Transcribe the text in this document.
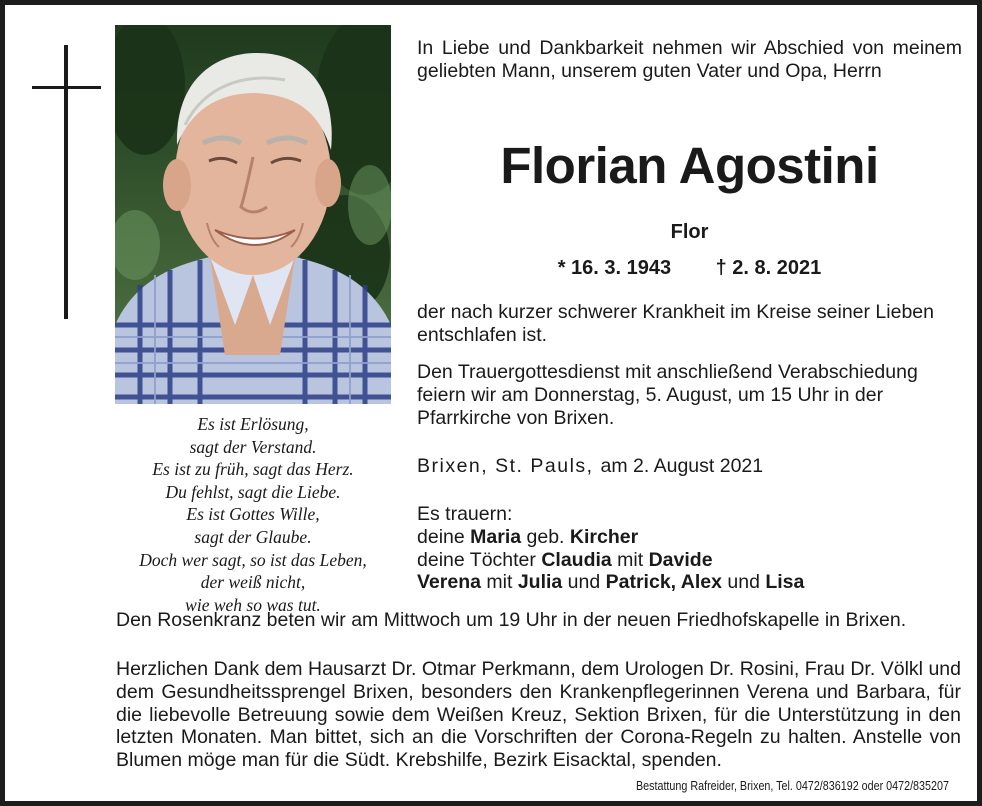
Es ist Erlösung,
sagt der Verstand.
Es ist zu früh, sagt das Herz.
Du fehlst, sagt die Liebe.
Es ist Gottes Wille,
sagt der Glaube.
Doch wer sagt, so ist das Leben,
der weiß nicht,
wie weh so was tut.
In Liebe und Dankbarkeit nehmen wir Abschied von meinem geliebten Mann, unserem guten Vater und Opa, Herrn
Florian Agostini
Flor
* 16. 3. 1943 † 2. 8. 2021
der nach kurzer schwerer Krankheit im Kreise seiner Lieben entschlafen ist.
Den Trauergottesdienst mit anschließend Verabschiedung feiern wir am Donnerstag, 5. August, um 15 Uhr in der Pfarrkirche von Brixen.
Brixen, St. Pauls, am 2. August 2021
Es trauern:
deine Maria geb. Kircher
deine Töchter Claudia mit Davide
Verena mit Julia und Patrick, Alex und Lisa
Den Rosenkranz beten wir am Mittwoch um 19 Uhr in der neuen Friedhofskapelle in Brixen.
Herzlichen Dank dem Hausarzt Dr. Otmar Perkmann, dem Urologen Dr. Rosini, Frau Dr. Völkl und dem Gesundheitssprengel Brixen, besonders den Krankenpflegerinnen Verena und Barbara, für die liebevolle Betreuung sowie dem Weißen Kreuz, Sektion Brixen, für die Unterstützung in den letzten Monaten. Man bittet, sich an die Vorschriften der Corona-Regeln zu halten. Anstelle von Blumen möge man für die Südt. Krebshilfe, Bezirk Eisacktal, spenden.
Bestattung Rafreider, Brixen, Tel. 0472/836192 oder 0472/835207
